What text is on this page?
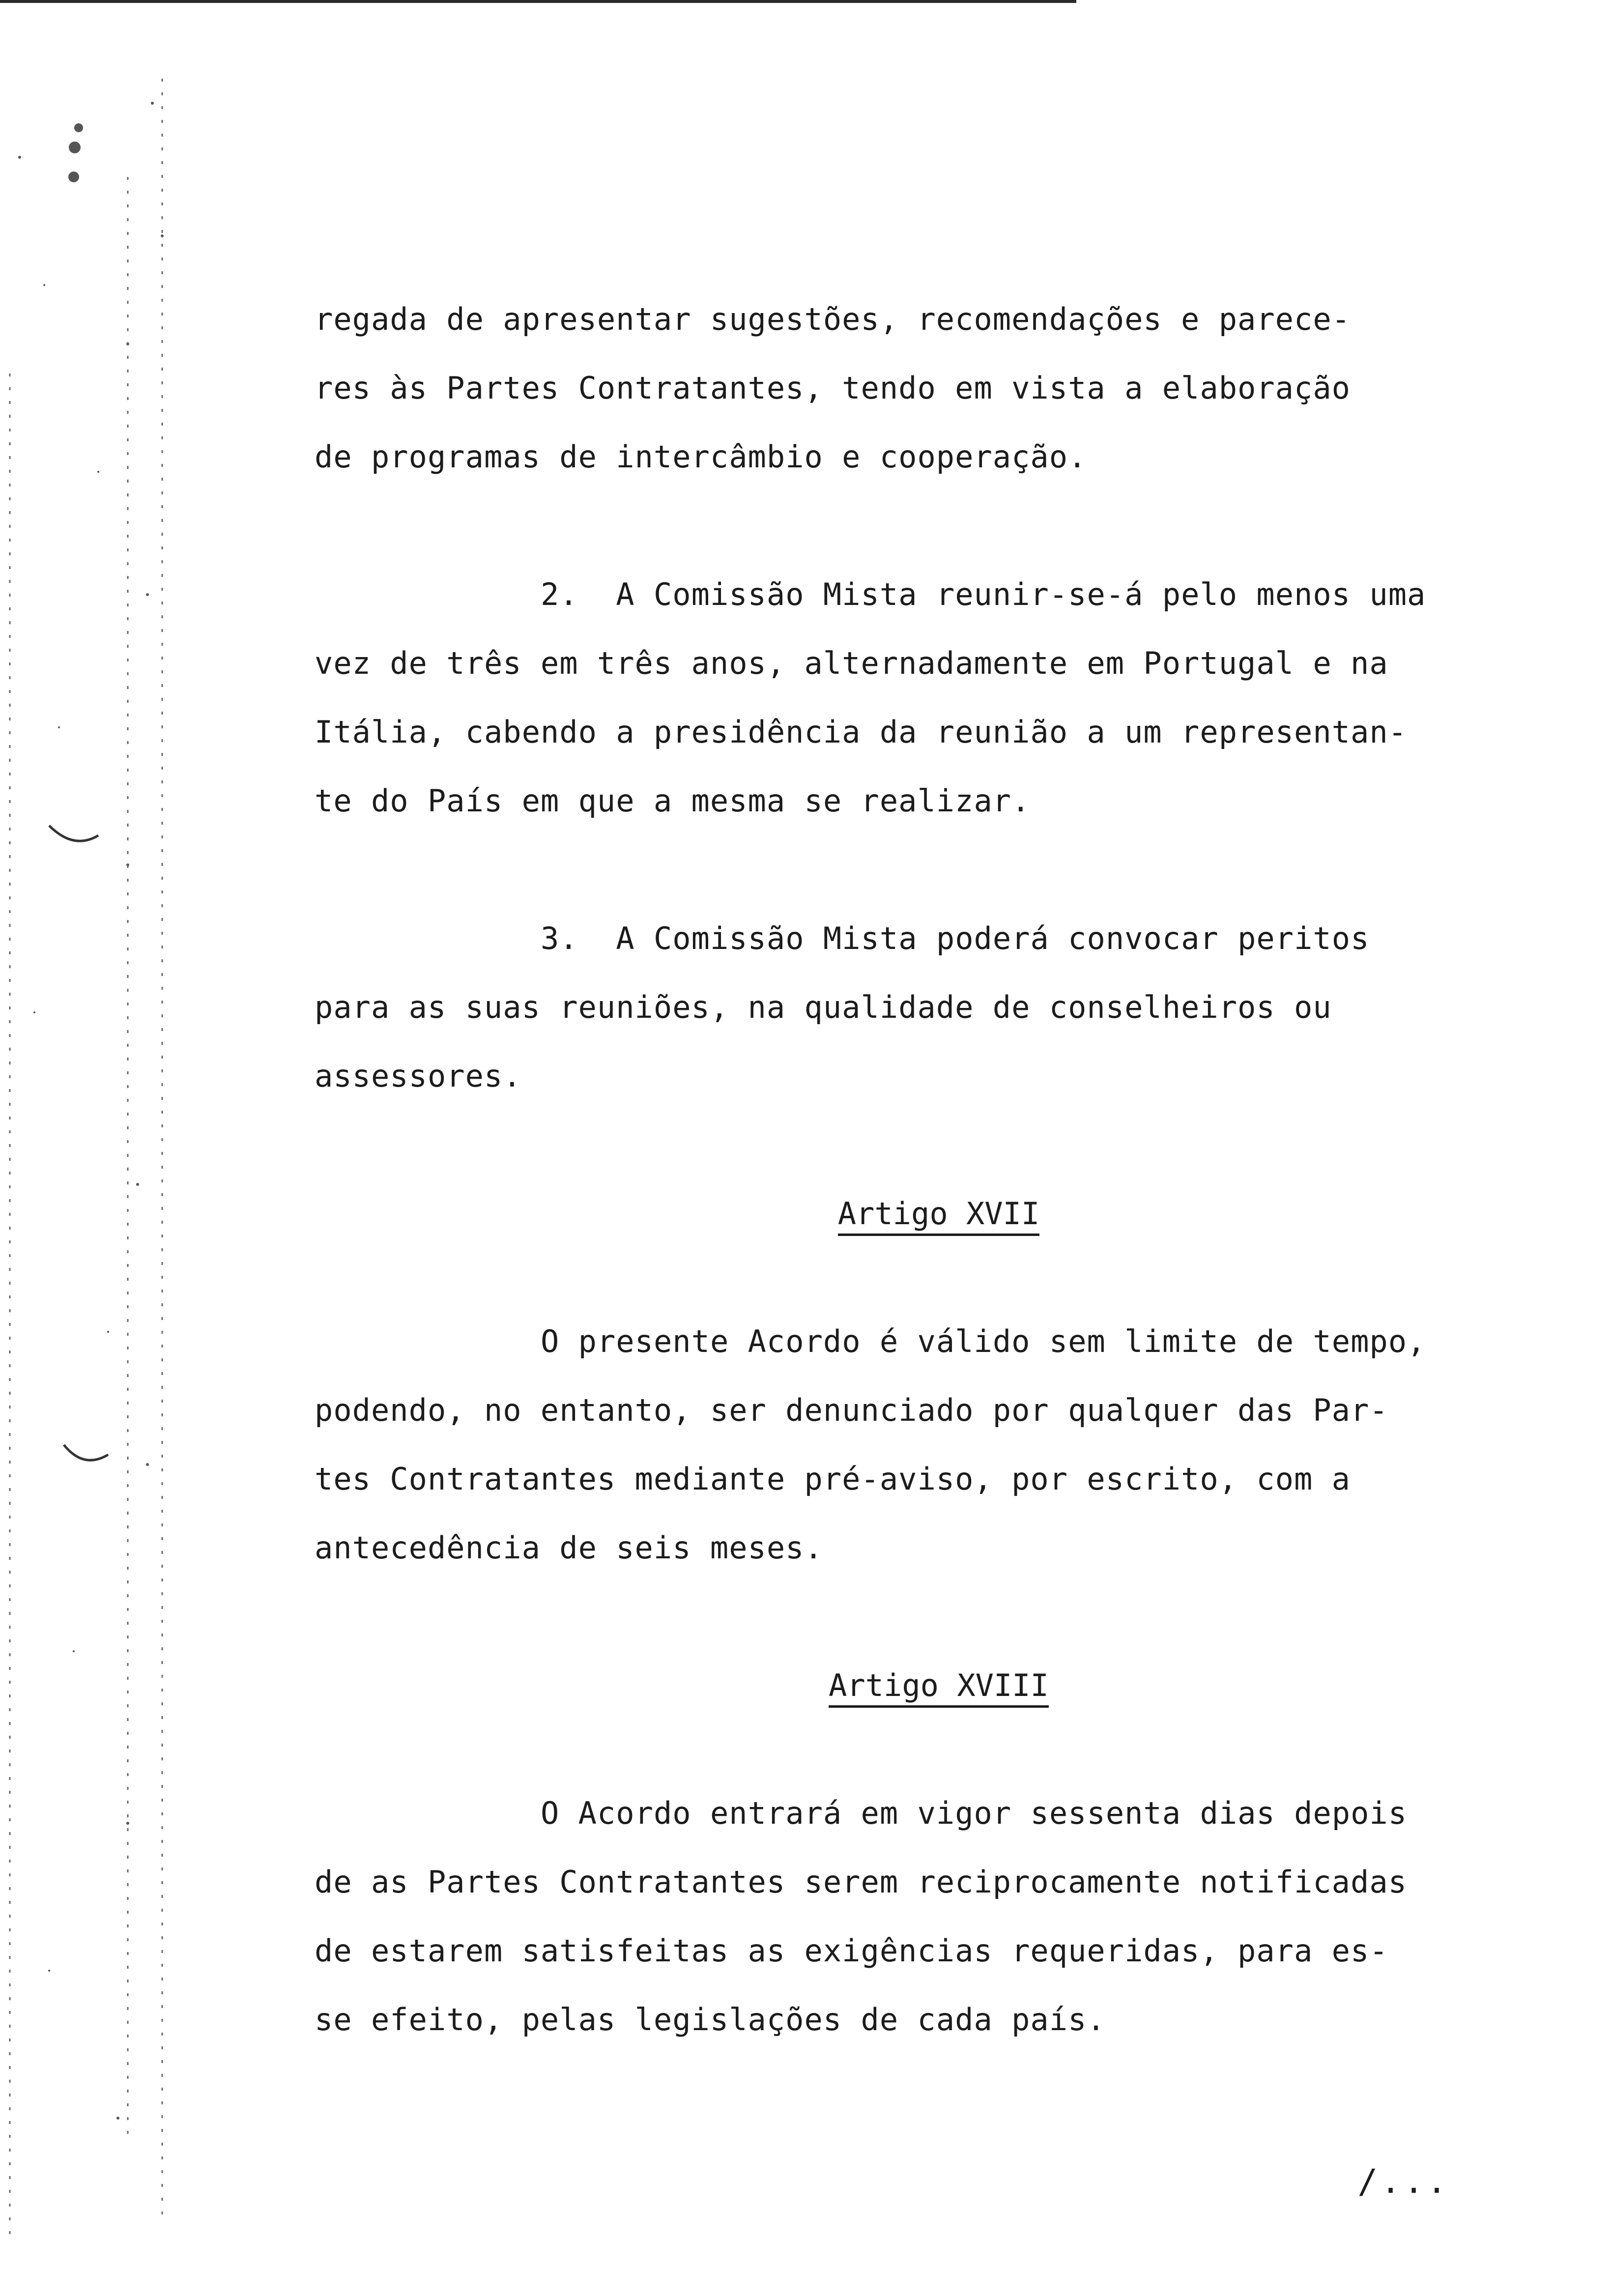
regada de apresentar sugestões, recomendações e parece-
res às Partes Contratantes, tendo em vista a elaboração
de programas de intercâmbio e cooperação.
2.  A Comissão Mista reunir-se-á pelo menos uma
vez de três em três anos, alternadamente em Portugal e na
Itália, cabendo a presidência da reunião a um representan-
te do País em que a mesma se realizar.
3.  A Comissão Mista poderá convocar peritos
para as suas reuniões, na qualidade de conselheiros ou
assessores.
Artigo XVII
O presente Acordo é válido sem limite de tempo,
podendo, no entanto, ser denunciado por qualquer das Par-
tes Contratantes mediante pré-aviso, por escrito, com a
antecedência de seis meses.
Artigo XVIII
O Acordo entrará em vigor sessenta dias depois
de as Partes Contratantes serem reciprocamente notificadas
de estarem satisfeitas as exigências requeridas, para es-
se efeito, pelas legislações de cada país.
/...
